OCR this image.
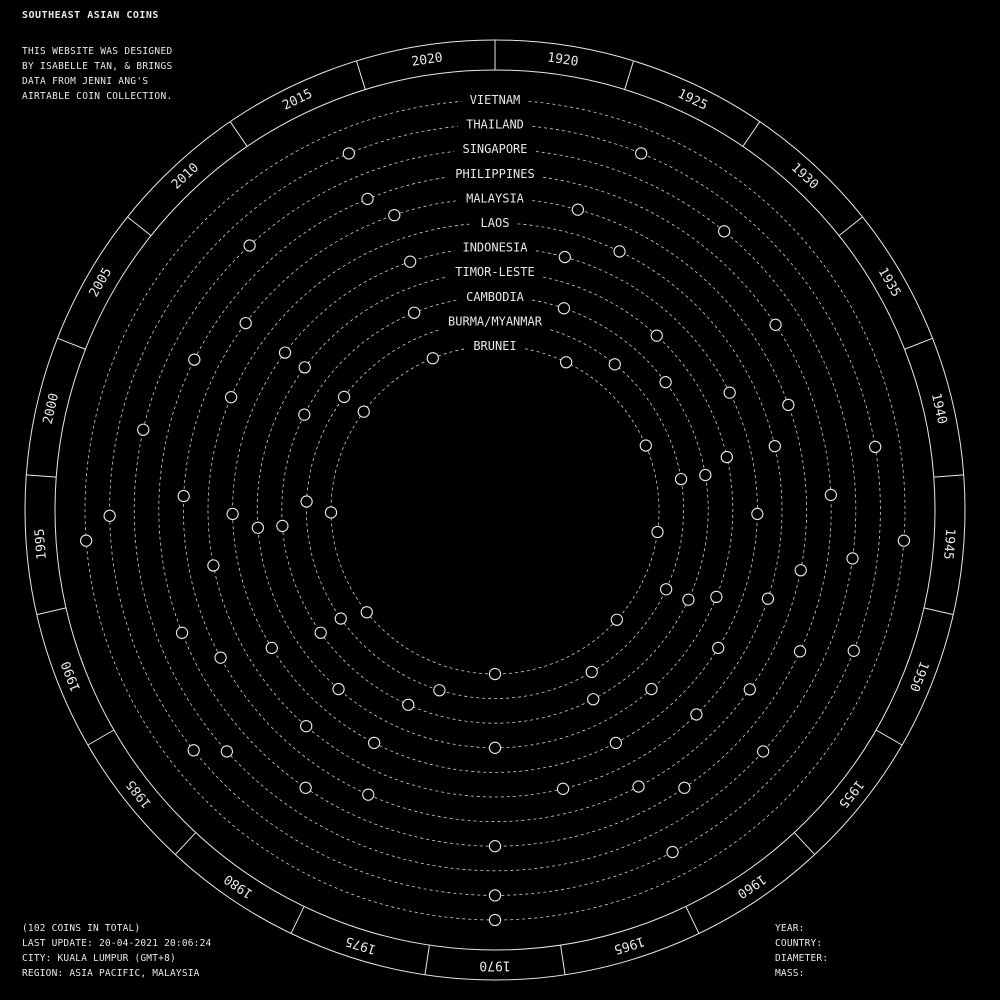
SOUTHEAST ASIAN COINS
THIS WEBSITE WAS DESIGNED
BY ISABELLE TAN, & BRINGS
DATA FROM JENNI ANG'S
AIRTABLE COIN COLLECTION.
1920
1925
1930
1935
1940
1945
1950
1955
1960
1965
1970
1975
1980
1985
1990
1995
2000
2005
2010
2015
2020
VIETNAM
THAILAND
SINGAPORE
PHILIPPINES
MALAYSIA
LAOS
INDONESIA
TIMOR-LESTE
CAMBODIA
BURMA/MYANMAR
BRUNEI
(102 COINS IN TOTAL)
LAST UPDATE: 20-04-2021 20:06:24
CITY: KUALA LUMPUR (GMT+8)
REGION: ASIA PACIFIC, MALAYSIA
YEAR:
COUNTRY:
DIAMETER:
MASS:
